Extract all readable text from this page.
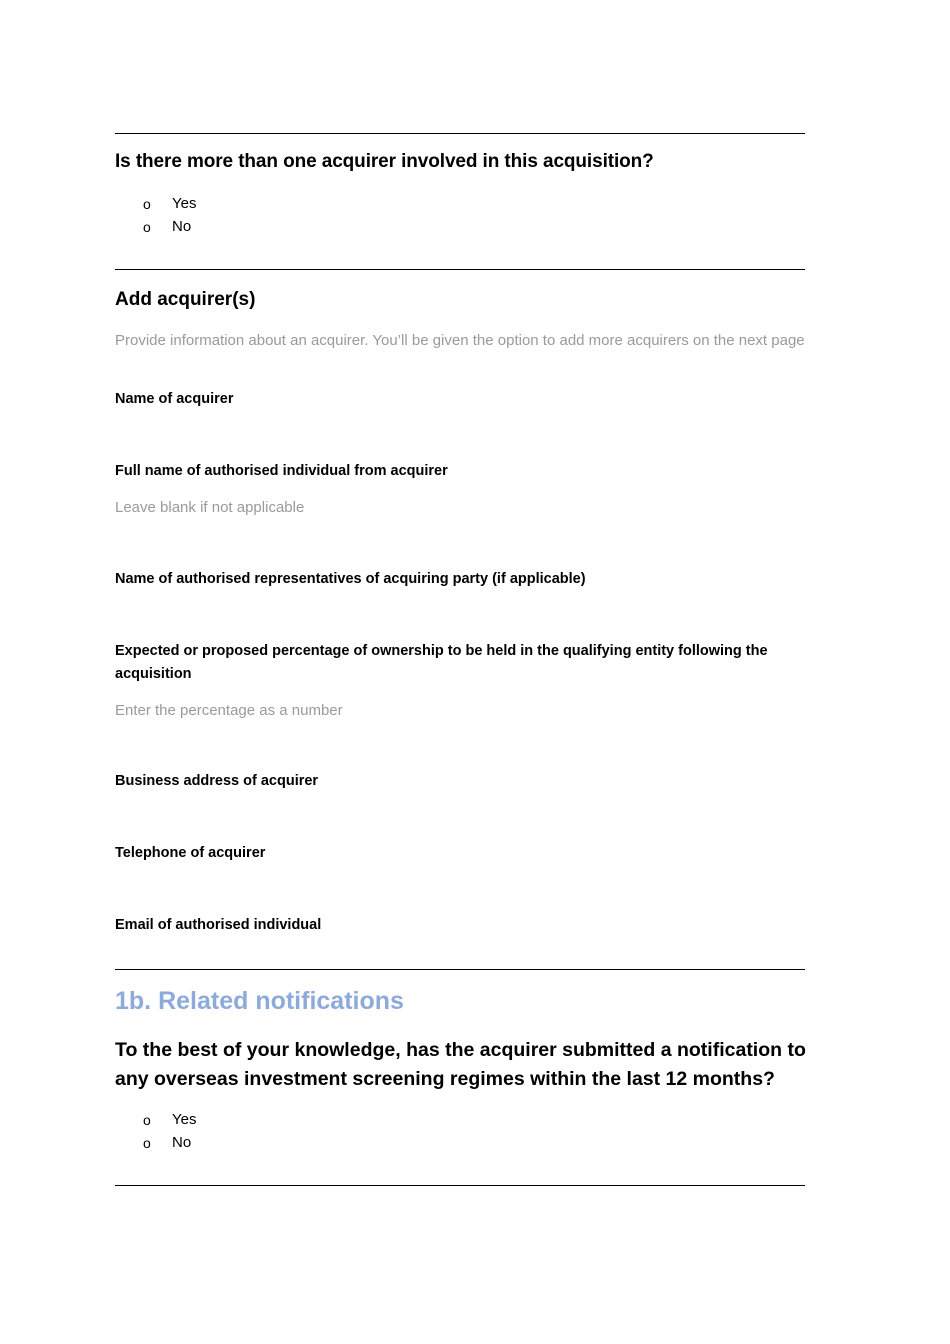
Is there more than one acquirer involved in this acquisition?
o	Yes
o	No
Add acquirer(s)
Provide information about an acquirer. You’ll be given the option to add more acquirers on the next page
Name of acquirer
Full name of authorised individual from acquirer
Leave blank if not applicable
Name of authorised representatives of acquiring party (if applicable)
Expected or proposed percentage of ownership to be held in the qualifying entity following the acquisition
Enter the percentage as a number
Business address of acquirer
Telephone of acquirer
Email of authorised individual
1b. Related notifications
To the best of your knowledge, has the acquirer submitted a notification to any overseas investment screening regimes within the last 12 months?
o	Yes
o	No
